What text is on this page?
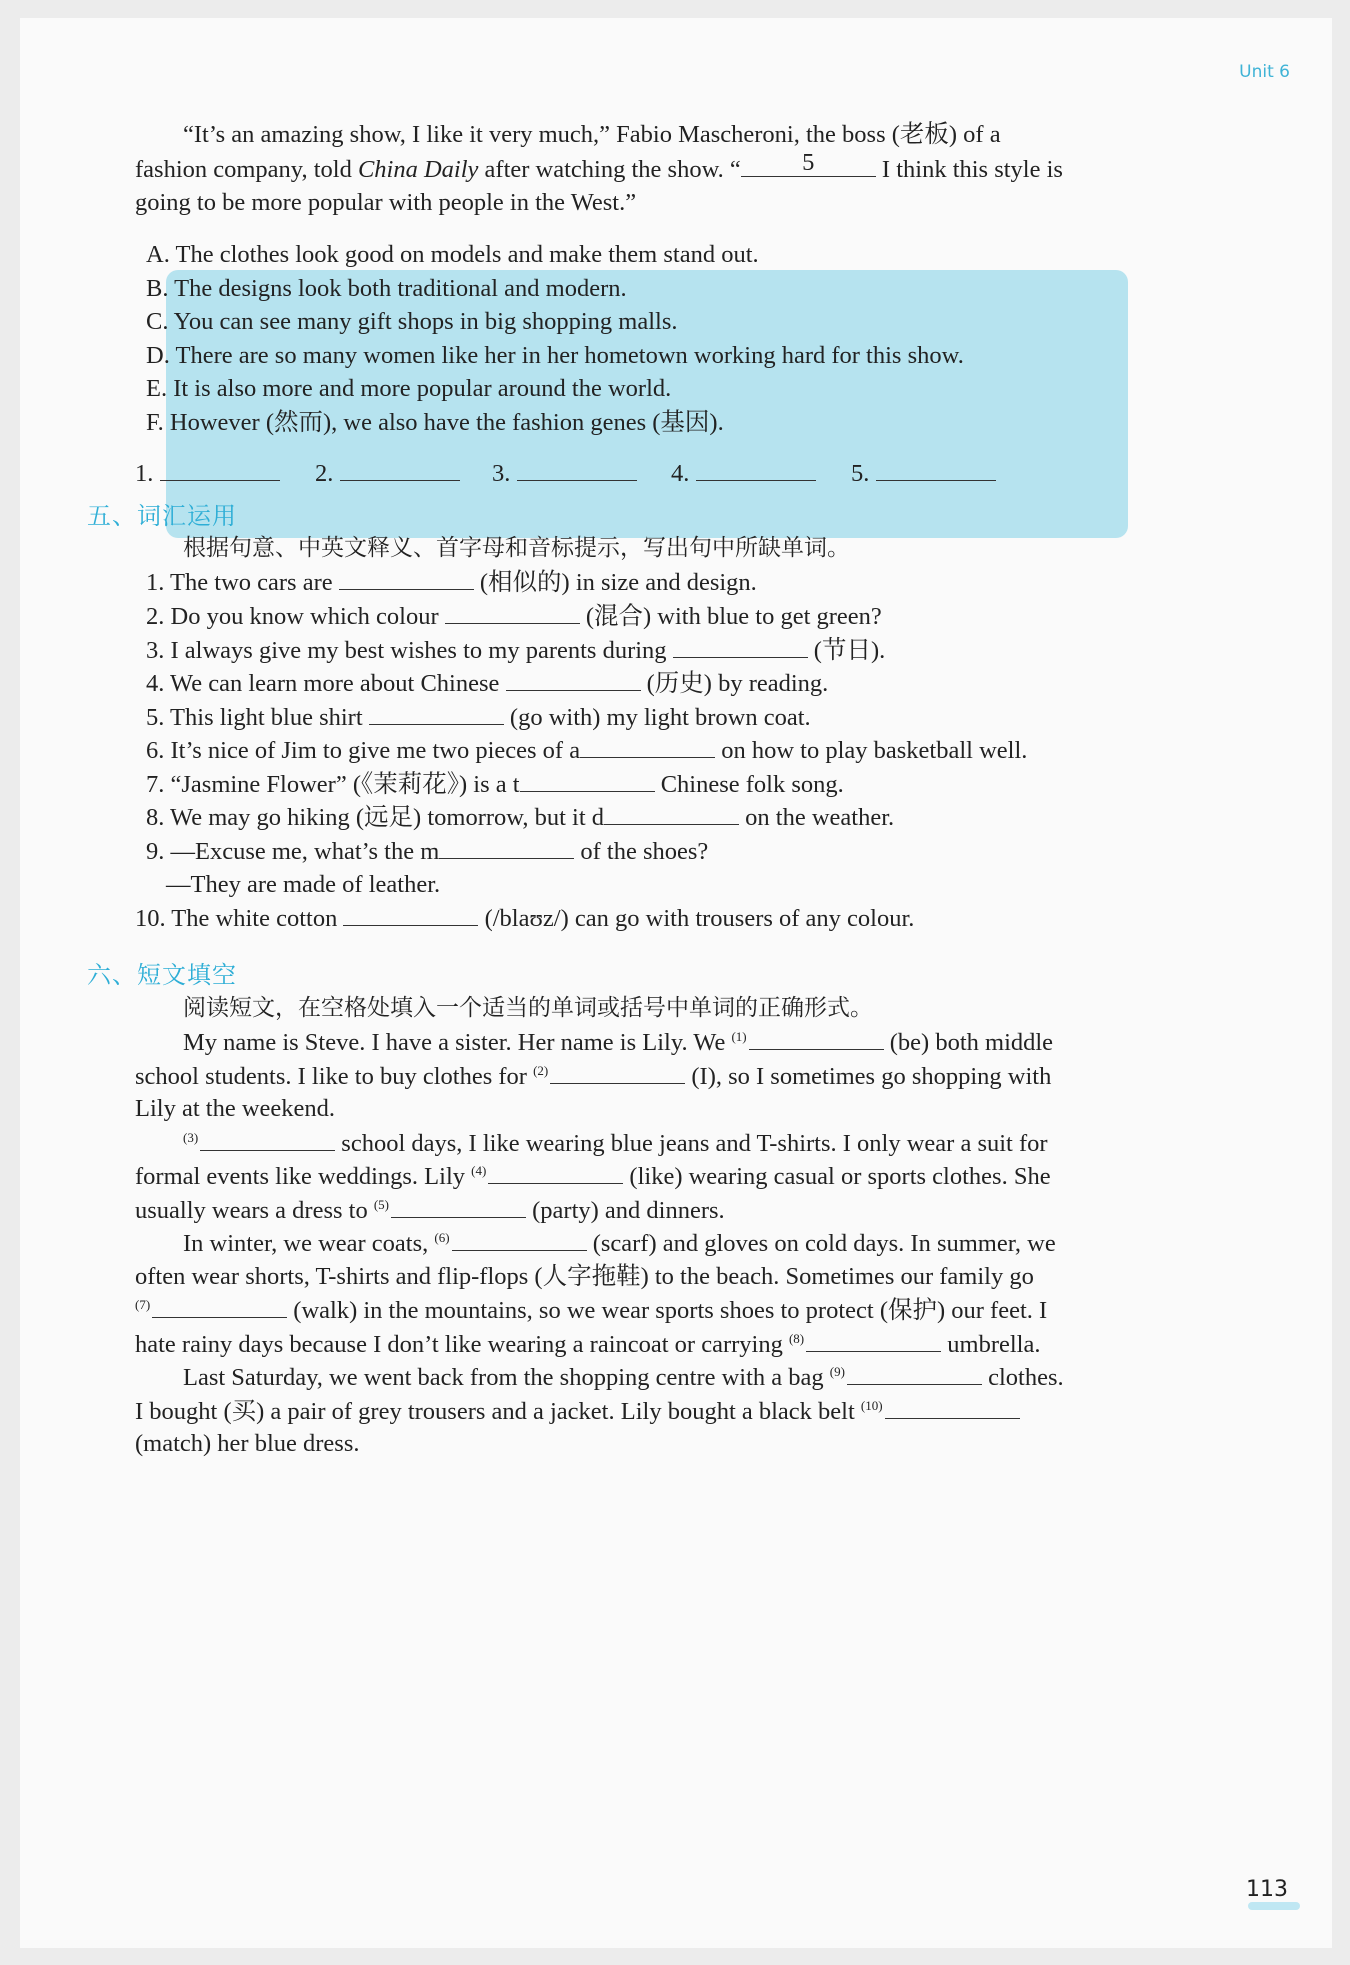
Unit 6
“It’s an amazing show, I like it very much,” Fabio Mascheroni, the boss (老板) of a
fashion company, told China Daily after watching the show. “	5	I think this style is
going to be more popular with people in the West.”
A. The clothes look good on models and make them stand out.
B. The designs look both traditional and modern.
C. You can see many gift shops in big shopping malls.
D. There are so many women like her in her hometown working hard for this show.
E. It is also more and more popular around the world.
F. However (然而), we also have the fashion genes (基因).
1.	2.	3.	4.	5.
五、词汇运用
根据句意、中英文释义、首字母和音标提示，写出句中所缺单词。
1. The two cars are	(相似的) in size and design.
2. Do you know which colour	(混合) with blue to get green?
3. I always give my best wishes to my parents during	(节日).
4. We can learn more about Chinese	(历史) by reading.
5. This light blue shirt	(go with) my light brown coat.
6. It’s nice of Jim to give me two pieces of a	on how to play basketball well.
7. “Jasmine Flower” (《茉莉花》) is a t	Chinese folk song.
8. We may go hiking (远足) tomorrow, but it d	on the weather.
9. —Excuse me, what’s the m	of the shoes?
—They are made of leather.
10. The white cotton	(/blaʊz/) can go with trousers of any colour.
六、短文填空
阅读短文，在空格处填入一个适当的单词或括号中单词的正确形式。
My name is Steve. I have a sister. Her name is Lily. We $^{(1)}$	(be) both middle
school students. I like to buy clothes for $^{(2)}$	(I), so I sometimes go shopping with
Lily at the weekend.
$^{(3)}$	school days, I like wearing blue jeans and T-shirts. I only wear a suit for
formal events like weddings. Lily $^{(4)}$	(like) wearing casual or sports clothes. She
usually wears a dress to $^{(5)}$	(party) and dinners.
In winter, we wear coats, $^{(6)}$	(scarf) and gloves on cold days. In summer, we
often wear shorts, T-shirts and flip-flops (人字拖鞋) to the beach. Sometimes our family go
$^{(7)}$	(walk) in the mountains, so we wear sports shoes to protect (保护) our feet. I
hate rainy days because I don’t like wearing a raincoat or carrying $^{(8)}$	umbrella.
Last Saturday, we went back from the shopping centre with a bag $^{(9)}$	clothes.
I bought (买) a pair of grey trousers and a jacket. Lily bought a black belt $^{(10)}$
(match) her blue dress.
113
